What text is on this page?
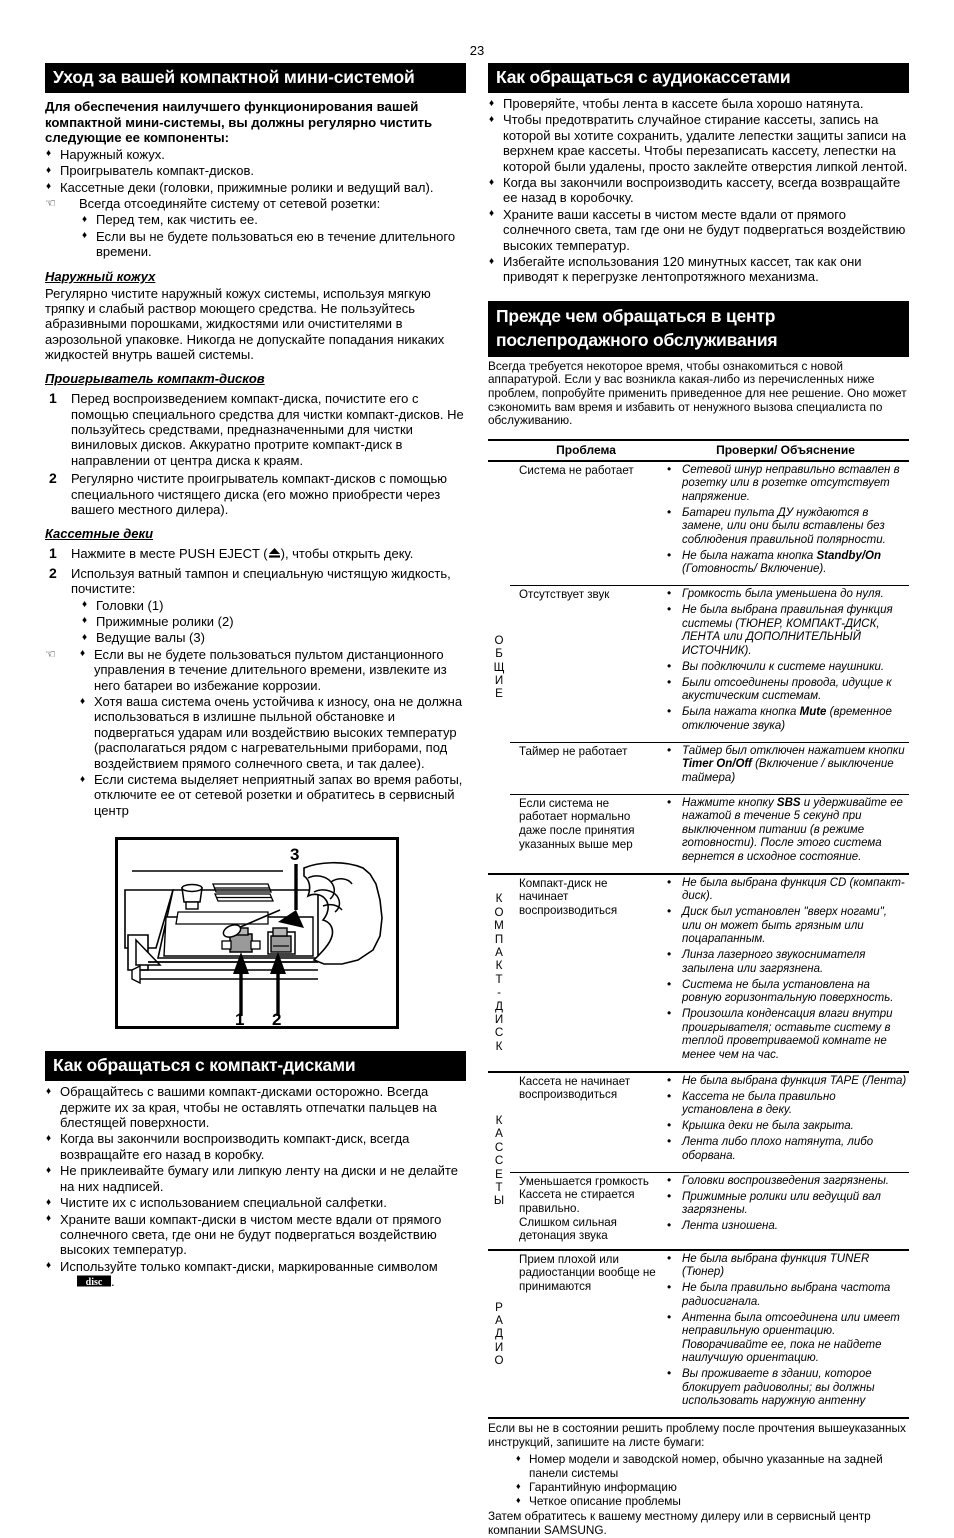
23
Уход за вашей компактной мини-системой
Для обеспечения наилучшего функционирования вашей компактной мини-системы, вы должны регулярно чистить следующие ее компоненты:
♦ Наружный кожух.
♦ Проигрыватель компакт-дисков.
♦ Кассетные деки (головки, прижимные ролики и ведущий вал).
☜ Всегда отсоединяйте систему от сетевой розетки:
♦ Перед тем, как чистить ее.
♦ Если вы не будете пользоваться ею в течение длительного времени.
Наружный кожух
Регулярно чистите наружный кожух системы, используя мягкую тряпку и слабый раствор моющего средства. Не пользуйтесь абразивными порошками, жидкостями или очистителями в аэрозольной упаковке. Никогда не допускайте попадания никаких жидкостей внутрь вашей системы.
Проигрыватель компакт-дисков
1 Перед воспроизведением компакт-диска, почистите его с помощью специального средства для чистки компакт-дисков. Не пользуйтесь средствами, предназначенными для чистки виниловых дисков. Аккуратно протрите компакт-диск в направлении от центра диска к краям.
2 Регулярно чистите проигрыватель компакт-дисков с помощью специального чистящего диска (его можно приобрести через вашего местного дилера).
Кассетные деки
1 Нажмите в месте PUSH EJECT ( ), чтобы открыть деку.
2 Используя ватный тампон и специальную чистящую жидкость, почистите:
♦ Головки (1)
♦ Прижимные ролики (2)
♦ Ведущие валы (3)
☜	♦ Если вы не будете пользоваться пультом дистанционного управления в течение длительного времени, извлеките из него батареи во избежание коррозии.
♦ Хотя ваша система очень устойчива к износу, она не должна использоваться в излишне пыльной обстановке и подвергаться ударам или воздействию высоких температур (располагаться рядом с нагревательными приборами, под воздействием прямого солнечного света, и так далее).
♦ Если система выделяет неприятный запах во время работы, отключите ее от сетевой розетки и обратитесь в сервисный центр
1 2
3
Как обращаться с компакт-дисками
♦ Обращайтесь с вашими компакт-дисками осторожно. Всегда держите их за края, чтобы не оставлять отпечатки пальцев на блестящей поверхности.
♦ Когда вы закончили воспроизводить компакт-диск, всегда возвращайте его назад в коробку.
♦ Не приклеивайте бумагу или липкую ленту на диски и не делайте на них надписей.
♦ Чистите их с использованием специальной салфетки.
♦ Храните ваши компакт-диски в чистом месте вдали от прямого солнечного света, где они не будут подвергаться воздействию высоких температур.
♦ Используйте только компакт-диски, маркированные символом

disc .
Как обращаться с аудиокассетами
♦ Проверяйте, чтобы лента в кассете была хорошо натянута.
♦ Чтобы предотвратить случайное стирание кассеты, запись на которой вы хотите сохранить, удалите лепестки защиты записи на верхнем крае кассеты. Чтобы перезаписать кассету, лепестки на которой были удалены, просто заклейте отверстия липкой лентой.
♦ Когда вы закончили воспроизводить кассету, всегда возвращайте ее назад в коробочку.
♦ Храните ваши кассеты в чистом месте вдали от прямого солнечного света, там где они не будут подвергаться воздействию высоких температур.
♦ Избегайте использования 120 минутных кассет, так как они приводят к перегрузке лентопротяжного механизма.
Прежде чем обращаться в центр
послепродажного обслуживания
Всегда требуется некоторое время, чтобы ознакомиться с новой аппаратурой. Если у вас возникла какая-либо из перечисленных ниже проблем, попробуйте применить приведенное для нее решение. Оно может сэкономить вам время и избавить от ненужного вызова специалиста по обслуживанию.
	Проблема	Проверки/ Объяснение

О
Б
Щ
И
Е
	Система не работает	
•Сетевой шнур неправильно вставлен в розетку или в розетке отсутствует напряжение.
• Батареи пульта ДУ нуждаются в замене, или они были вставлены без соблюдения правильной полярности.
• Не была нажата кнопка Standby/On (Готовность/ Включение).

Отсутствует звук	
•Громкость была уменьшена до нуля.
• Не была выбрана правильная функция системы (ТЮНЕР, КОМПАКТ-ДИСК, ЛЕНТА или ДОПОЛНИТЕЛЬНЫЙ ИСТОЧНИК).
• Вы подключили к системе наушники.
• Были отсоединены провода, идущие к акустическим системам.
• Была нажата кнопка Mute (временное отключение звука)

Таймер не работает	
•Таймер был отключен нажатием кнопки Timer On/Off (Включение / выключение таймера)

Если система не работает нормально даже после принятия указанных выше мер	
• Нажмите кнопку SBS и удерживайте ее нажатой в течение 5 секунд при выключенном питании (в режиме готовности). После этого система вернется в исходное состояние.

К
О
М
П
А
К
Т
-
Д
И
С
К
	Компакт-диск не начинает воспроизводиться	
• Не была выбрана функция CD (компакт-диск).
• Диск был установлен "вверх ногами", или он может быть грязным или поцарапанным.
• Линза лазерного звукоснимателя запылена или загрязнена.
• Система не была установлена на ровную горизонтальную поверхность.
• Произошла конденсация влаги внутри проигрывателя; оставьте систему в теплой проветриваемой комнате не менее чем на час.

К
А
С
С
Е
Т
Ы
	Кассета не начинает воспроизводиться	
• Не была выбрана функция TAPE (Лента)
• Кассета не была правильно установлена в деку.
• Крышка деки не была закрыта.
• Лента либо плохо натянута, либо оборвана.

Уменьшается громкость
Кассета не стирается правильно.
Слишком сильная детонация звука	
• Головки воспроизведения загрязнены.
• Прижимные ролики или ведущий вал загрязнены.
• Лента изношена.

Р
А
Д
И
О
	Прием плохой или радиостанции вообще не принимаются	
• Не была выбрана функция TUNER (Тюнер)
• Не была правильно выбрана частота радиосигнала.
• Антенна была отсоединена или имеет неправильную ориентацию. Поворачивайте ее, пока не найдете наилучшую ориентацию.
• Вы проживаете в здании, которое блокирует радиоволны; вы должны использовать наружную антенну
Если вы не в состоянии решить проблему после прочтения вышеуказанных инструкций, запишите на листе бумаги:
♦ Номер модели и заводской номер, обычно указанные на задней панели системы
♦ Гарантийную информацию
♦ Четкое описание проблемы
Затем обратитесь к вашему местному дилеру или в сервисный центр компании SAMSUNG.
